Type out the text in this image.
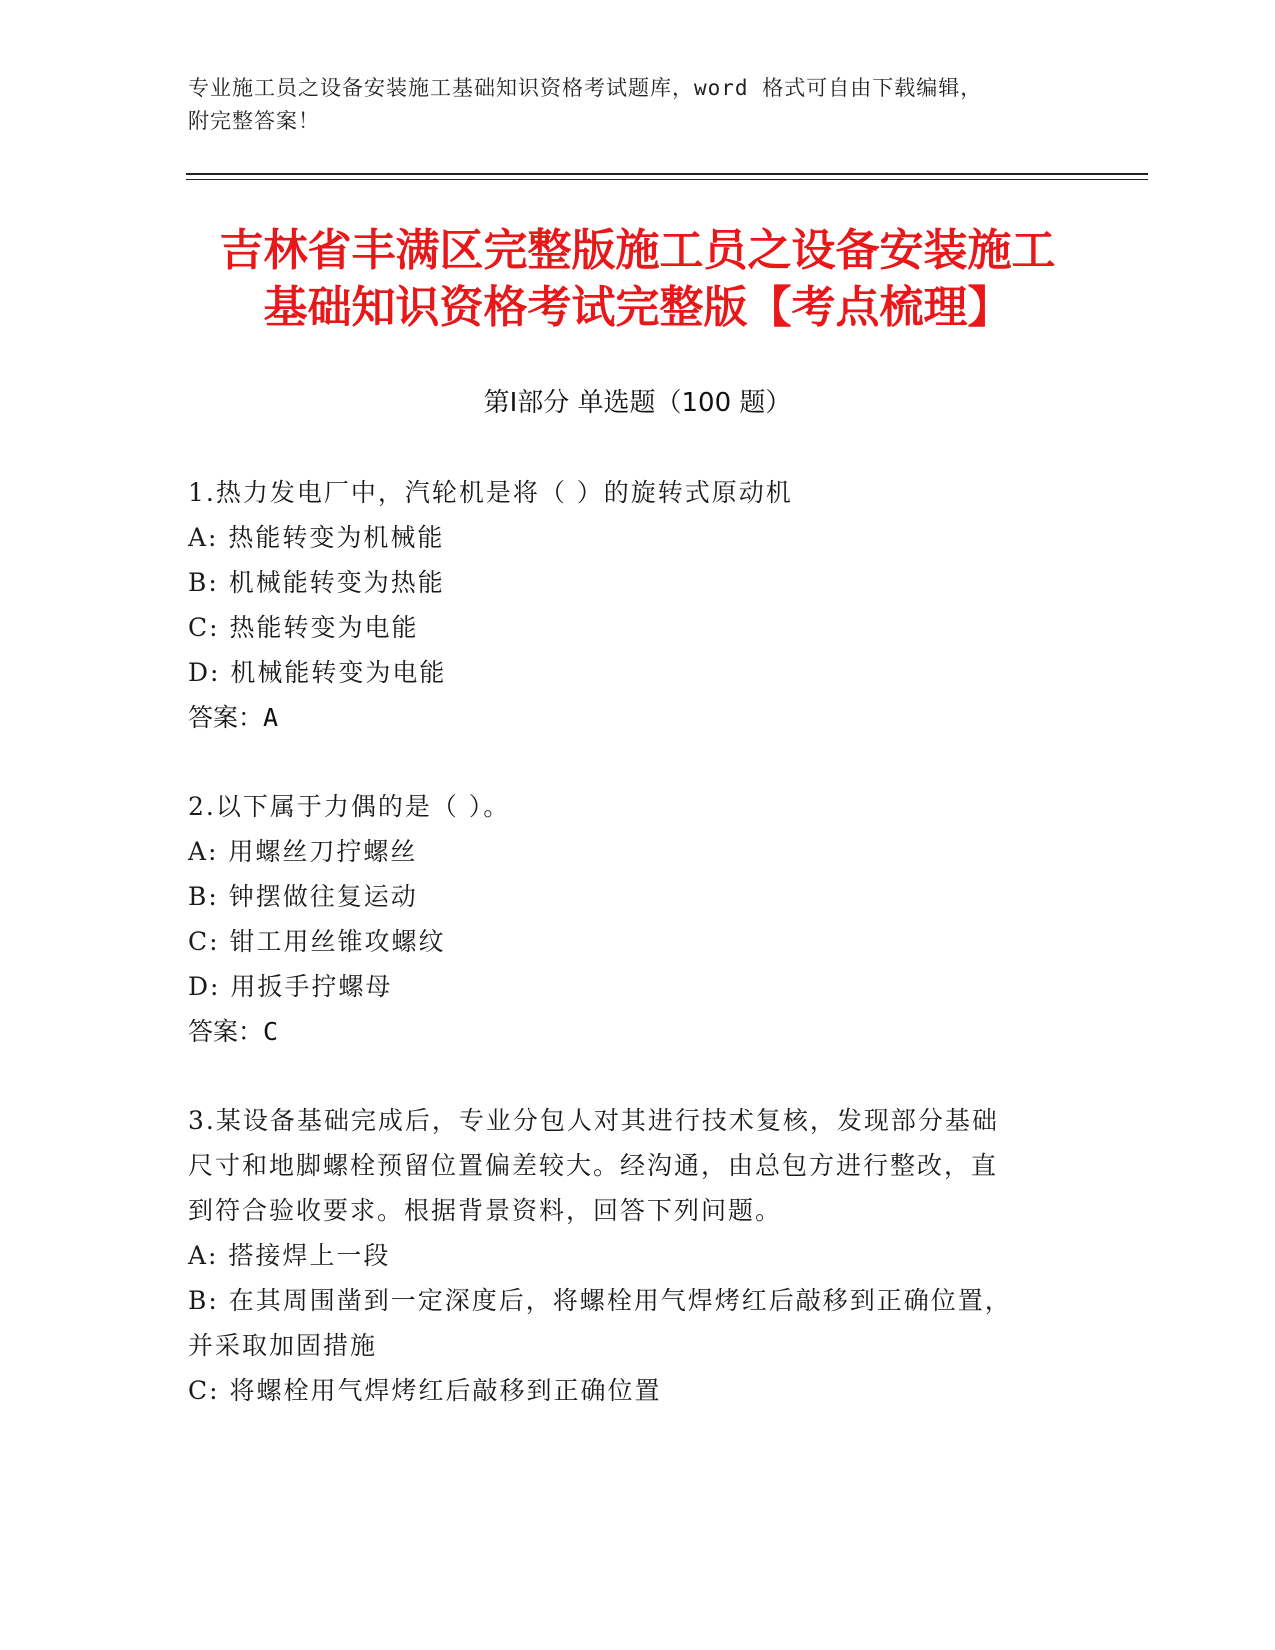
专业施工员之设备安装施工基础知识资格考试题库，word 格式可自由下载编辑，
附完整答案！
吉林省丰满区完整版施工员之设备安装施工
基础知识资格考试完整版【考点梳理】
第Ⅰ部分 单选题（100 题）
1.热力发电厂中，汽轮机是将（ ）的旋转式原动机
A: 热能转变为机械能
B: 机械能转变为热能
C: 热能转变为电能
D: 机械能转变为电能
答案：A
2.以下属于力偶的是（ ）。
A: 用螺丝刀拧螺丝
B: 钟摆做往复运动
C: 钳工用丝锥攻螺纹
D: 用扳手拧螺母
答案：C
3.某设备基础完成后，专业分包人对其进行技术复核，发现部分基础
尺寸和地脚螺栓预留位置偏差较大。经沟通，由总包方进行整改，直
到符合验收要求。根据背景资料，回答下列问题。
A: 搭接焊上一段
B: 在其周围凿到一定深度后，将螺栓用气焊烤红后敲移到正确位置，
并采取加固措施
C: 将螺栓用气焊烤红后敲移到正确位置
